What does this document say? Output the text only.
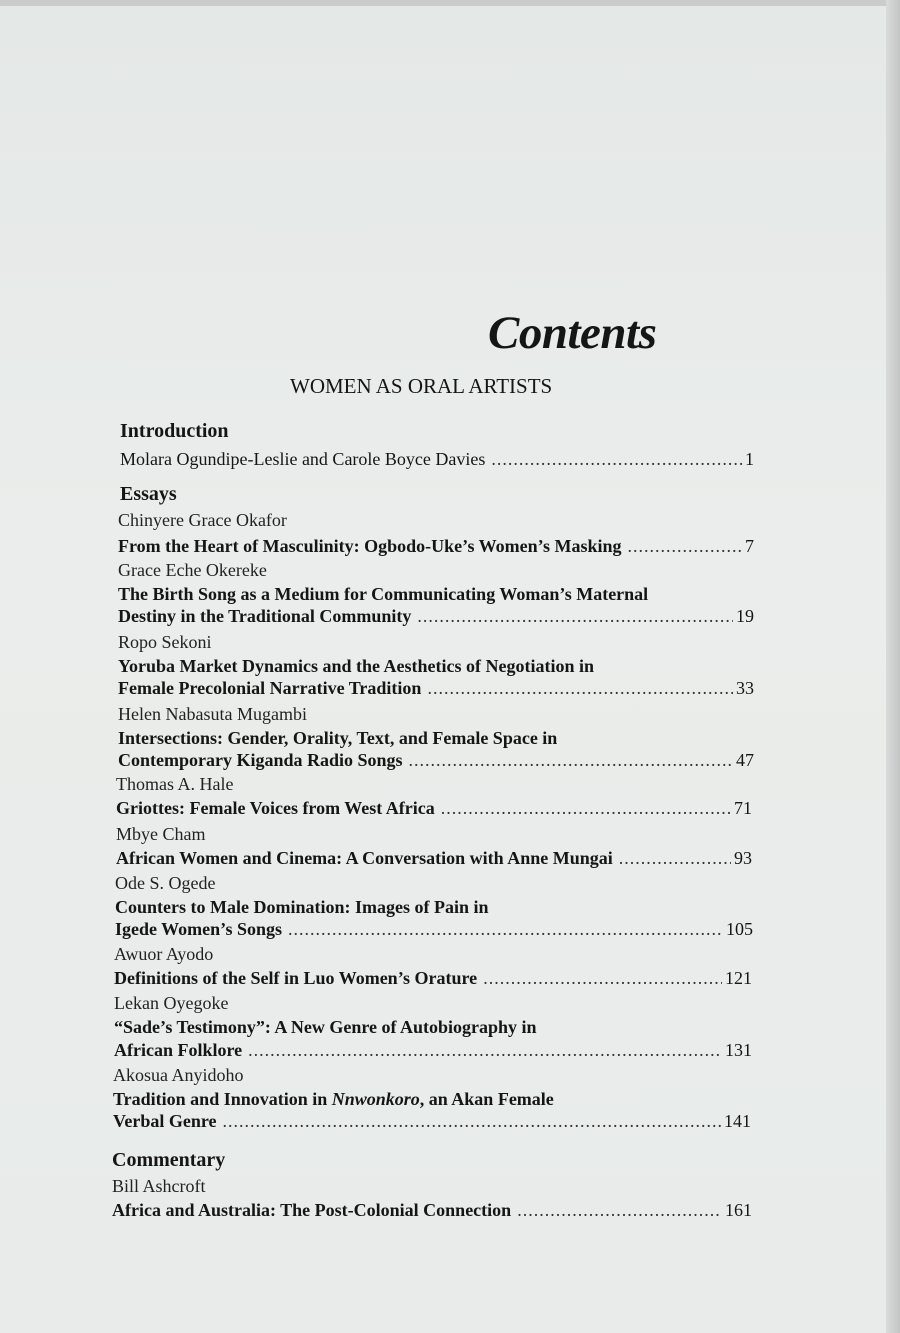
Contents
WOMEN AS ORAL ARTISTS
Introduction
Molara Ogundipe-Leslie and Carole Boyce Davies .....	1
Essays
Chinyere Grace Okafor
From the Heart of Masculinity: Ogbodo-Uke’s Women’s Masking .....	7
Grace Eche Okereke
The Birth Song as a Medium for Communicating Woman’s Maternal
Destiny in the Traditional Community .....	19
Ropo Sekoni
Yoruba Market Dynamics and the Aesthetics of Negotiation in
Female Precolonial Narrative Tradition .....	33
Helen Nabasuta Mugambi
Intersections: Gender, Orality, Text, and Female Space in
Contemporary Kiganda Radio Songs .....	47
Thomas A. Hale
Griottes: Female Voices from West Africa .....	71
Mbye Cham
African Women and Cinema: A Conversation with Anne Mungai .....	93
Ode S. Ogede
Counters to Male Domination: Images of Pain in
Igede Women’s Songs .....	105
Awuor Ayodo
Definitions of the Self in Luo Women’s Orature .....	121
Lekan Oyegoke
“Sade’s Testimony”: A New Genre of Autobiography in
African Folklore .....	131
Akosua Anyidoho
Tradition and Innovation in Nnwonkoro, an Akan Female
Verbal Genre .....	141
Commentary
Bill Ashcroft
Africa and Australia: The Post-Colonial Connection .....	161
